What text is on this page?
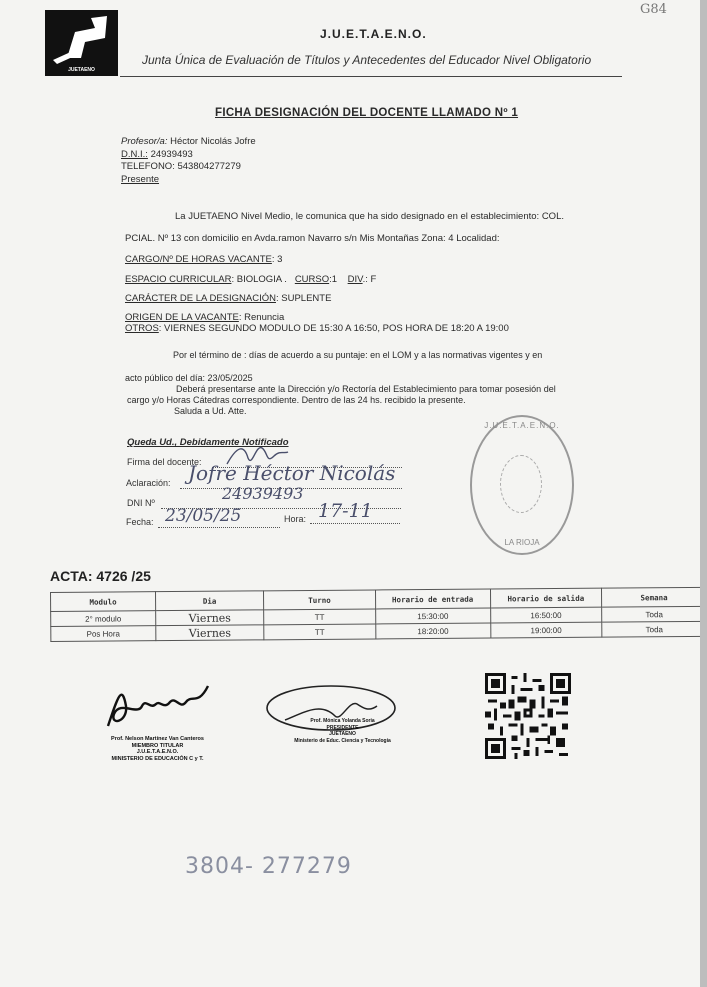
G84
JUETAENO
J.U.E.T.A.E.N.O.
Junta Única de Evaluación de Títulos y Antecedentes del Educador Nivel Obligatorio
FICHA DESIGNACIÓN DEL DOCENTE LLAMADO Nº 1
Profesor/a: Héctor Nicolás Jofre
D.N.I.: 24939493
TELEFONO: 543804277279
Presente
La JUETAENO Nivel Medio, le comunica que ha sido designado en el establecimiento: COL.
PCIAL. Nº 13 con domicilio en Avda.ramon Navarro s/n Mis Montañas Zona: 4 Localidad:
CARGO/Nº DE HORAS VACANTE: 3
ESPACIO CURRICULAR: BIOLOGIA . CURSO:1 DIV.: F
CARÁCTER DE LA DESIGNACIÓN: SUPLENTE
ORIGEN DE LA VACANTE: Renuncia
OTROS: VIERNES SEGUNDO MODULO DE 15:30 A 16:50, POS HORA DE 18:20 A 19:00
Por el término de : días de acuerdo a su puntaje: en el LOM y a las normativas vigentes y en
acto público del día: 23/05/2025
Deberá presentarse ante la Dirección y/o Rectoría del Establecimiento para tomar posesión del
cargo y/o Horas Cátedras correspondiente. Dentro de las 24 hs. recibido la presente.
Saluda a Ud. Atte.
Queda Ud., Debidamente Notificado
Firma del docente:
Aclaración: Jofre Héctor Nicolás
DNI Nº	24939493
Fecha: 23/05/25	Hora: 17-11
J.U.E.T.A.E.N.O.
LA RIOJA
ACTA: 4726 /25
Modulo	Dia	Turno	Horario de entrada	Horario de salida	Semana
2° modulo	Viernes	TT	15:30:00	16:50:00	Toda
Pos Hora	Viernes	TT	18:20:00	19:00:00	Toda
Prof. Nelson Martínez Van Canteros
MIEMBRO TITULAR
J.U.E.T.A.E.N.O.
MINISTERIO DE EDUCACIÓN C y T.
Prof. Mónica Yolanda Soria
PRESIDENTE
JUETAENO
Ministerio de Educ. Ciencia y Tecnología
3804- 277279
